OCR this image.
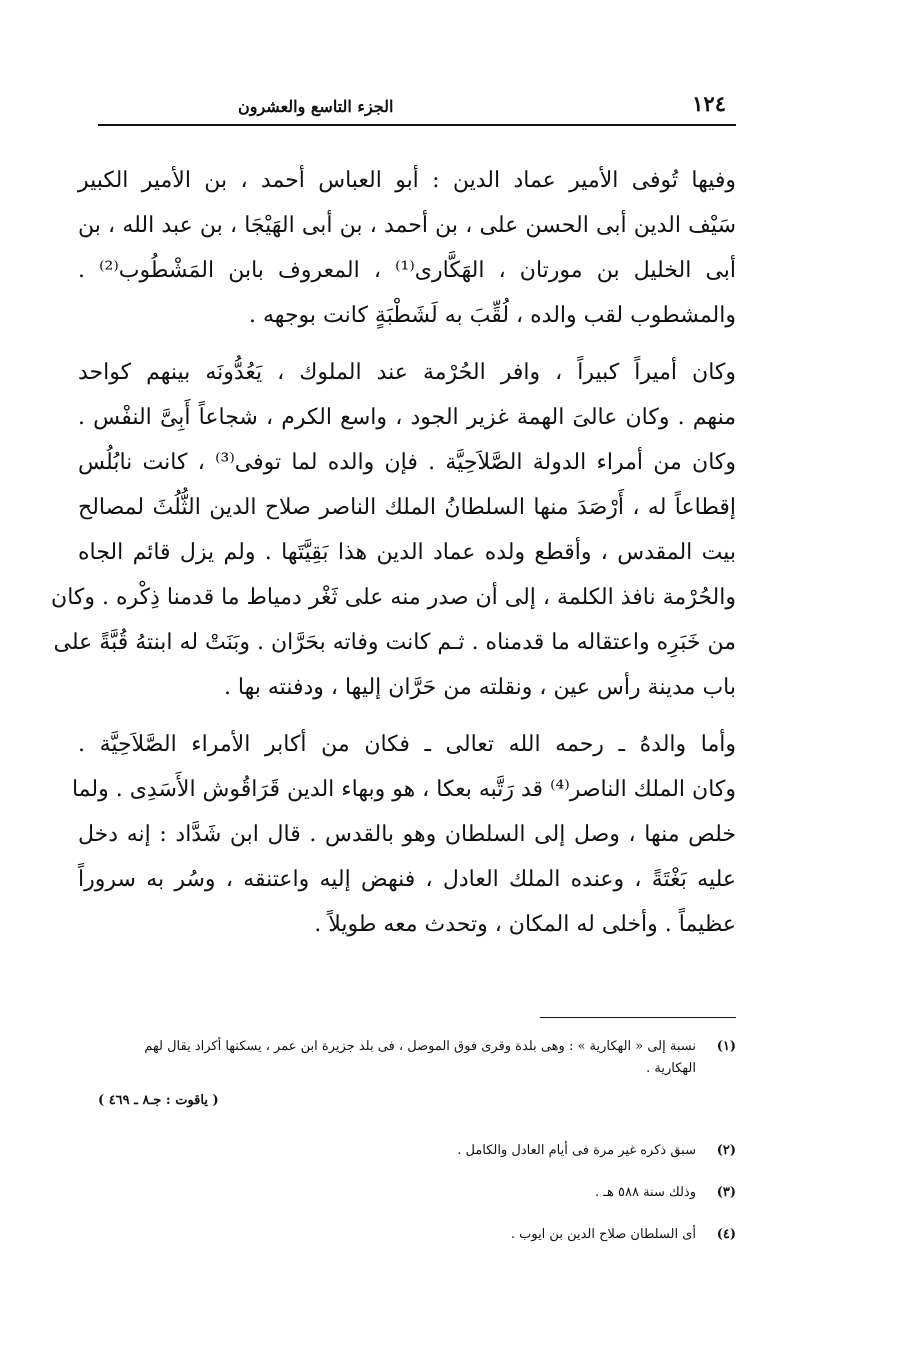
١٢٤
الجزء التاسع والعشرون
وفيها تُوفى الأمير عماد الدين : أبو العباس أحمد ، بن الأمير الكبير
سَيْف الدين أبى الحسن على ، بن أحمد ، بن أبى الهَيْجَا ، بن عبد الله ، بن
أبى الخليل بن مورتان ، الهَكَّارى⁽¹⁾ ، المعروف بابن المَشْطُوب⁽²⁾ .
والمشطوب لقب والده ، لُقِّبَ به لَشَطْبَةٍ كانت بوجهه .
وكان أميراً كبيراً ، وافر الحُرْمة عند الملوك ، يَعُدُّونَه بينهم كواحد
منهم . وكان عالىَ الهمة غزير الجود ، واسع الكرم ، شجاعاً أَبِىَّ النفْس .
وكان من أمراء الدولة الصَّلاَحِيَّة . فإن والده لما توفى⁽³⁾ ، كانت نابُلُس
إقطاعاً له ، أَرْصَدَ منها السلطانُ الملك الناصر صلاح الدين الثُّلُثَ لمصالح
بيت المقدس ، وأقطع ولده عماد الدين هذا بَقِيَّتَها . ولم يزل قائم الجاه
والحُرْمة نافذ الكلمة ، إلى أن صدر منه على ثَغْر دمياط ما قدمنا ذِكْره . وكان
من خَبَرِه واعتقاله ما قدمناه . ثـم كانت وفاته بحَرَّان . وبَنَتْ له ابنتهُ قُبَّةً على
باب مدينة رأس عين ، ونقلته من حَرَّان إليها ، ودفنته بها .
وأما والدهُ ـ رحمه الله تعالى ـ فكان من أكابر الأمراء الصَّلاَحِيَّة .
وكان الملك الناصر⁽⁴⁾ قد رَتَّبه بعكا ، هو وبهاء الدين قَرَاقُوش الأَسَدِى . ولما
خلص منها ، وصل إلى السلطان وهو بالقدس . قال ابن شَدَّاد : إنه دخل
عليه بَغْتَةً ، وعنده الملك العادل ، فنهض إليه واعتنقه ، وسُر به سروراً
عظيماً . وأخلى له المكان ، وتحدث معه طويلاً .
(١)نسبة إلى « الهكارية » : وهى بلدة وقرى فوق الموصل ، فى بلد جزيرة ابن عمر ، يسكنها أكراد يقال لهم
الهكارية .
( ياقوت : جـ٨ ـ ٤٦٩ )
(٢)سبق ذكره غير مرة فى أيام العادل والكامل .
(٣)وذلك سنة ٥٨٨ هـ .
(٤)أى السلطان صلاح الدين بن ايوب .
